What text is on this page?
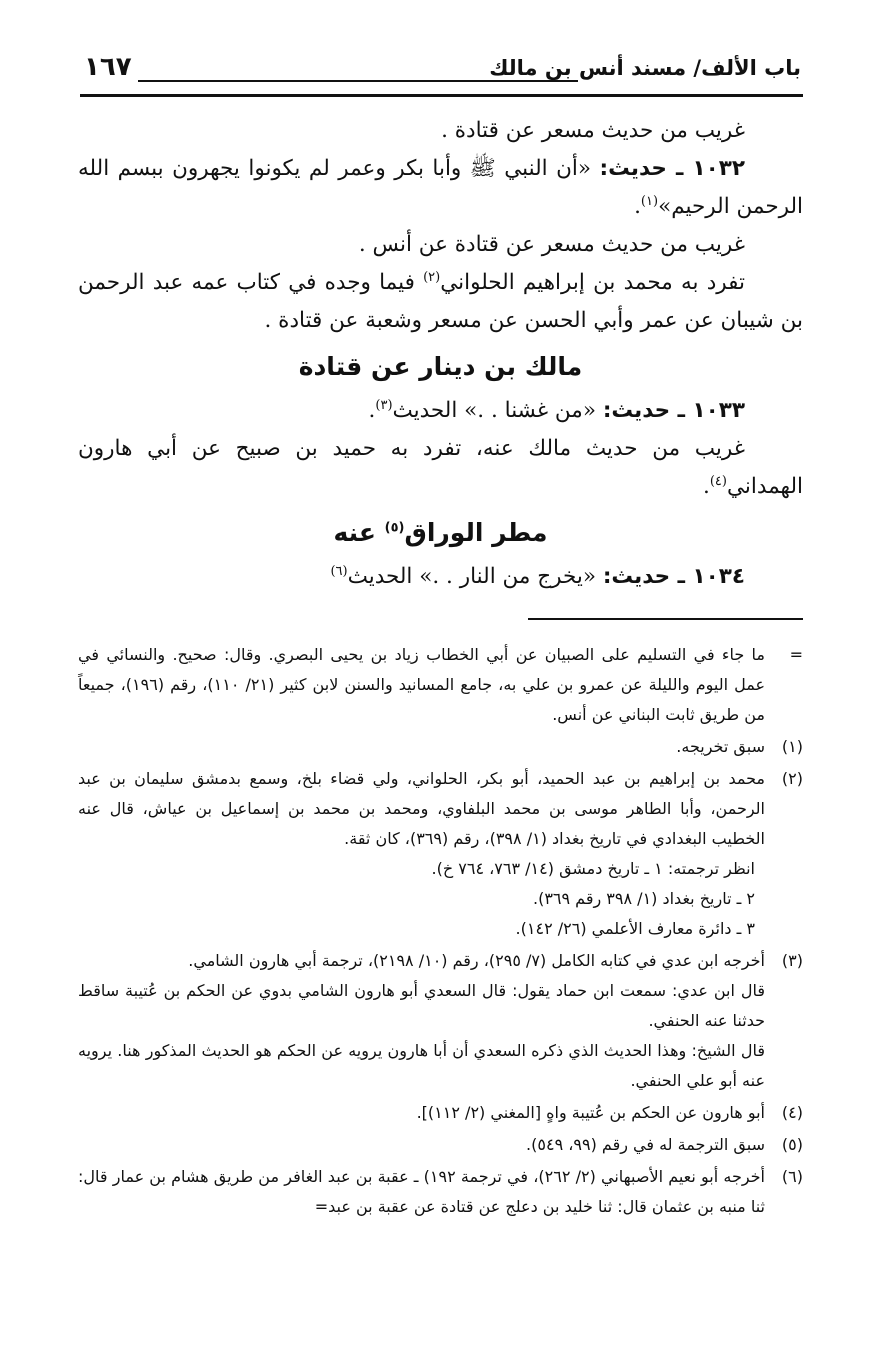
باب الألف/ مسند أنس بن مالك
١٦٧

غريب من حديث مسعر عن قتادة .

١٠٣٢ ـ حديث: «أن النبي ﷺ وأبا بكر وعمر لم يكونوا يجهرون ببسم الله الرحمن الرحيم»$^{(١)}$.

غريب من حديث مسعر عن قتادة عن أنس .

تفرد به محمد بن إبراهيم الحلواني$^{(٢)}$ فيما وجده في كتاب عمه عبد الرحمن بن شيبان عن عمر وأبي الحسن عن مسعر وشعبة عن قتادة .

مالك بن دينار عن قتادة

١٠٣٣ ـ حديث: «من غشنا . .» الحديث$^{(٣)}$.

غريب من حديث مالك عنه، تفرد به حميد بن صبيح عن أبي هارون الهمداني$^{(٤)}$.

مطر الوراق$^{(٥)}$ عنه

١٠٣٤ ـ حديث: «يخرج من النار . .» الحديث$^{(٦)}$

=

ما جاء في التسليم على الصبيان عن أبي الخطاب زياد بن يحيى البصري. وقال: صحيح. والنسائي في عمل اليوم والليلة عن عمرو بن علي به، جامع المسانيد والسنن لابن كثير (٢١/ ١١٠)، رقم (١٩٦)، جميعاً من طريق ثابت البناني عن أنس.

(١)

سبق تخريجه.

(٢)

محمد بن إبراهيم بن عبد الحميد، أبو بكر، الحلواني، ولي قضاء بلخ، وسمع بدمشق سليمان بن عبد الرحمن، وأبا الطاهر موسى بن محمد البلفاوي، ومحمد بن محمد بن إسماعيل بن عياش، قال عنه الخطيب البغدادي في تاريخ بغداد (١/ ٣٩٨)، رقم (٣٦٩)، كان ثقة.

انظر ترجمته: ١ ـ تاريخ دمشق (١٤/ ٧٦٣، ٧٦٤ خ).

٢ ـ تاريخ بغداد (١/ ٣٩٨ رقم ٣٦٩).

٣ ـ دائرة معارف الأعلمي (٢٦/ ١٤٢).

(٣)

أخرجه ابن عدي في كتابه الكامل (٧/ ٢٩٥)، رقم (١٠/ ٢١٩٨)، ترجمة أبي هارون الشامي.

قال ابن عدي: سمعت ابن حماد يقول: قال السعدي أبو هارون الشامي بدوي عن الحكم بن عُتيبة ساقط حدثنا عنه الحنفي.

قال الشيخ: وهذا الحديث الذي ذكره السعدي أن أبا هارون يرويه عن الحكم هو الحديث المذكور هنا. يرويه عنه أبو علي الحنفي.

(٤)

أبو هارون عن الحكم بن عُتيبة واهٍ [المغني (٢/ ١١٢)].

(٥)

سبق الترجمة له في رقم (٩٩، ٥٤٩).

(٦)

أخرجه أبو نعيم الأصبهاني (٢/ ٢٦٢)، في ترجمة ١٩٢) ـ عقبة بن عبد الغافر من طريق هشام بن عمار قال: ثنا منبه بن عثمان قال: ثنا خليد بن دعلج عن قتادة عن عقبة بن عبد=
